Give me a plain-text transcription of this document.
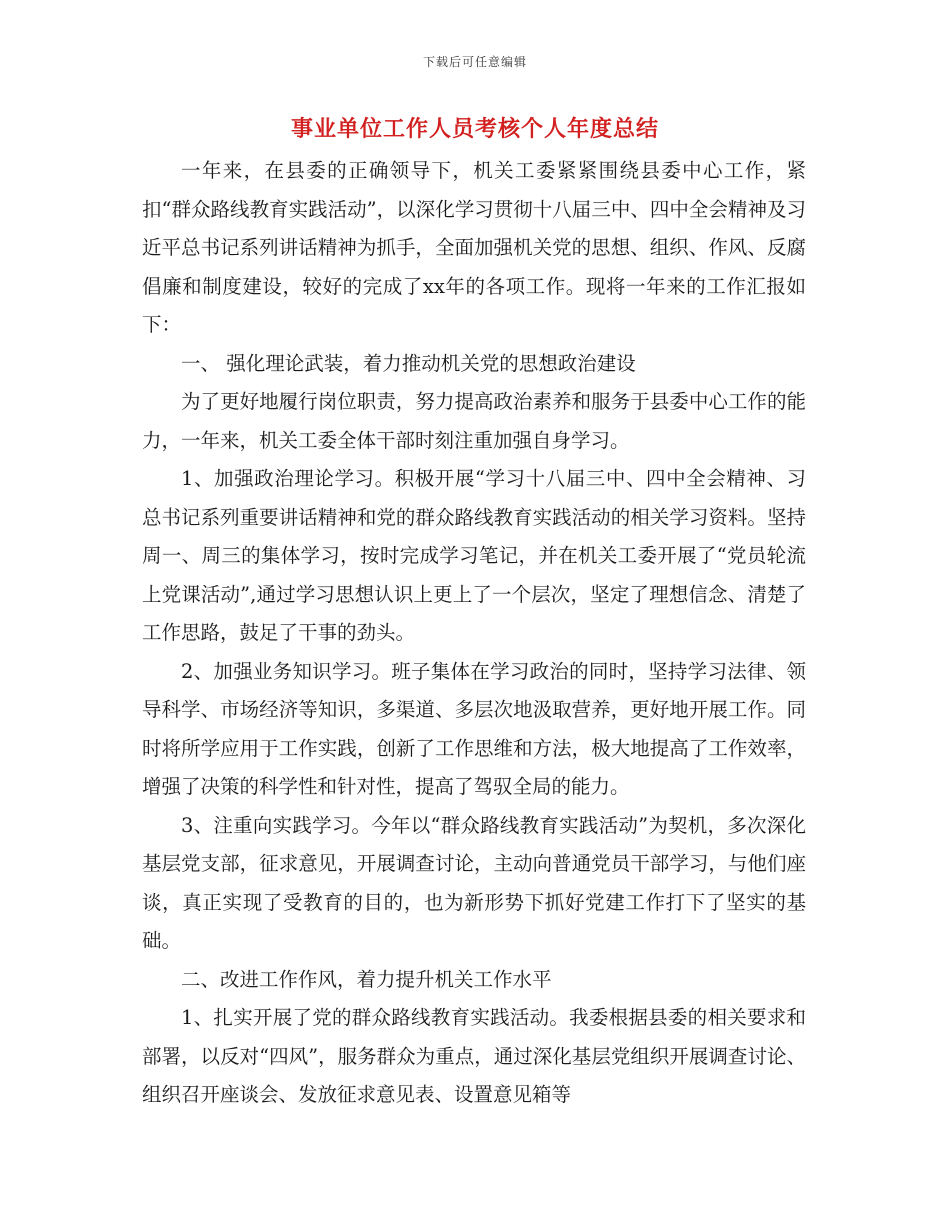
下载后可任意编辑
事业单位工作人员考核个人年度总结

一年来，在县委的正确领导下，机关工委紧紧围绕县委中心工作，紧扣“群众路线教育实践活动”，以深化学习贯彻十八届三中、四中全会精神及习近平总书记系列讲话精神为抓手，全面加强机关党的思想、组织、作风、反腐倡廉和制度建设，较好的完成了xx年的各项工作。现将一年来的工作汇报如下：

一、 强化理论武装，着力推动机关党的思想政治建设

为了更好地履行岗位职责，努力提高政治素养和服务于县委中心工作的能力，一年来，机关工委全体干部时刻注重加强自身学习。

1、加强政治理论学习。积极开展“学习十八届三中、四中全会精神、习总书记系列重要讲话精神和党的群众路线教育实践活动的相关学习资料。坚持周一、周三的集体学习，按时完成学习笔记，并在机关工委开展了“党员轮流上党课活动”,通过学习思想认识上更上了一个层次，坚定了理想信念、清楚了工作思路，鼓足了干事的劲头。

2、加强业务知识学习。班子集体在学习政治的同时，坚持学习法律、领导科学、市场经济等知识，多渠道、多层次地汲取营养，更好地开展工作。同时将所学应用于工作实践，创新了工作思维和方法，极大地提高了工作效率，增强了决策的科学性和针对性，提高了驾驭全局的能力。

3、注重向实践学习。今年以“群众路线教育实践活动”为契机，多次深化基层党支部，征求意见，开展调查讨论，主动向普通党员干部学习，与他们座谈，真正实现了受教育的目的，也为新形势下抓好党建工作打下了坚实的基础。

二、改进工作作风，着力提升机关工作水平

1、扎实开展了党的群众路线教育实践活动。我委根据县委的相关要求和部署，以反对“四风”，服务群众为重点，通过深化基层党组织开展调查讨论、组织召开座谈会、发放征求意见表、设置意见箱等
